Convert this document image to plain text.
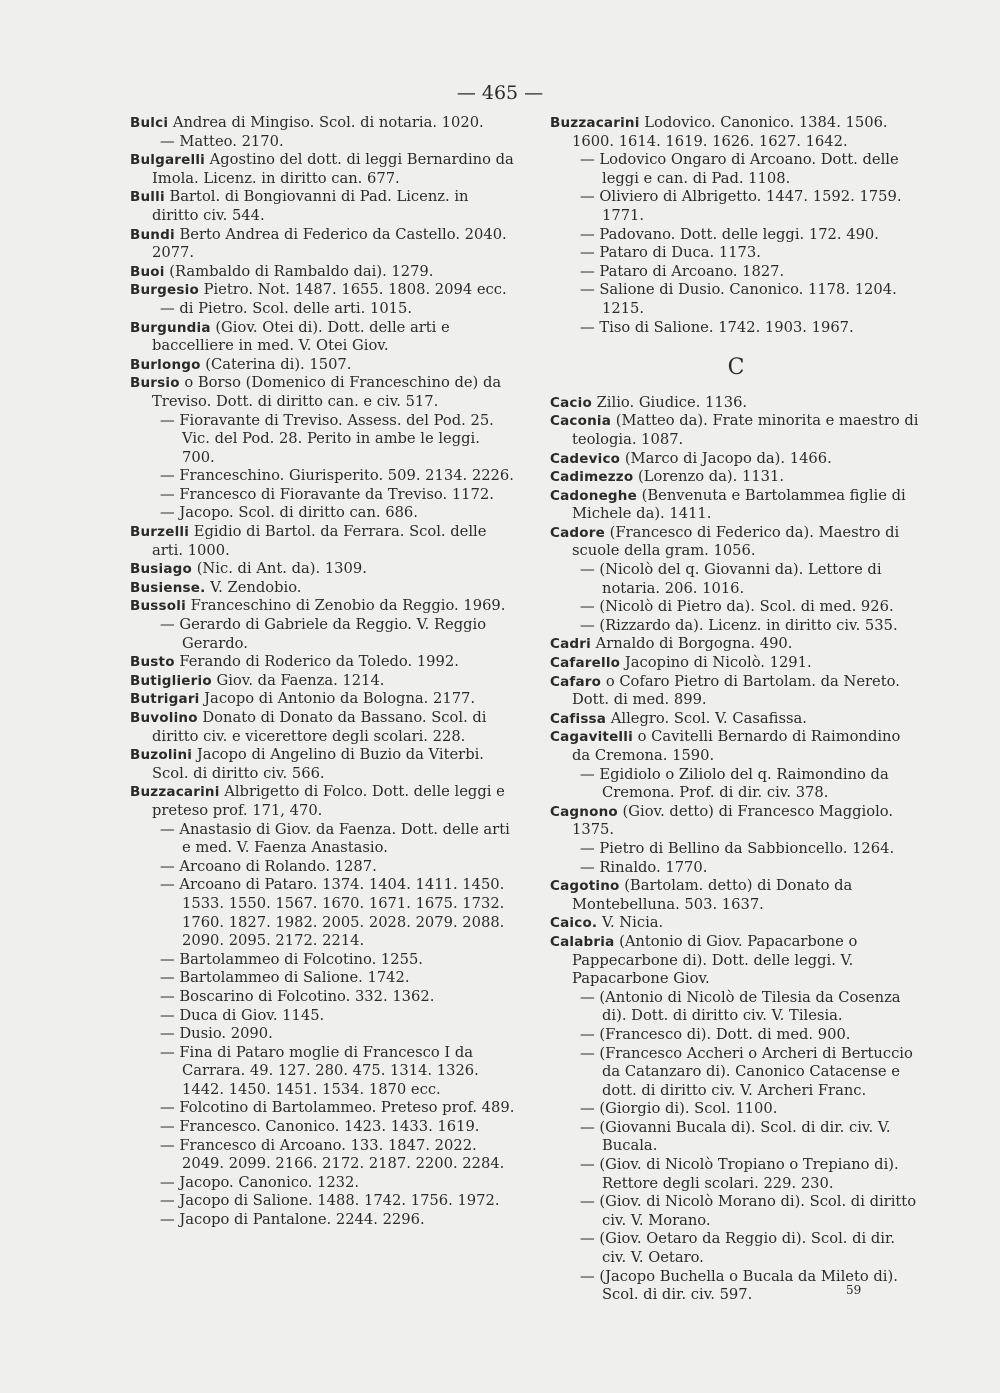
— 465 —

Bulci Andrea di Mingiso. Scol. di notaria. 1020.

— Matteo. 2170.

Bulgarelli Agostino del dott. di leggi Bernardino da Imola. Licenz. in diritto can. 677.

Bulli Bartol. di Bongiovanni di Pad. Licenz. in diritto civ. 544.

Bundi Berto Andrea di Federico da Castello. 2040. 2077.

Buoi (Rambaldo di Rambaldo dai). 1279.

Burgesio Pietro. Not. 1487. 1655. 1808. 2094 ecc.

— di Pietro. Scol. delle arti. 1015.

Burgundia (Giov. Otei di). Dott. delle arti e baccelliere in med. V. Otei Giov.

Burlongo (Caterina di). 1507.

Bursio o Borso (Domenico di Franceschino de) da Treviso. Dott. di diritto can. e civ. 517.

— Fioravante di Treviso. Assess. del Pod. 25. Vic. del Pod. 28. Perito in ambe le leggi. 700.

— Franceschino. Giurisperito. 509. 2134. 2226.

— Francesco di Fioravante da Treviso. 1172.

— Jacopo. Scol. di diritto can. 686.

Burzelli Egidio di Bartol. da Ferrara. Scol. delle arti. 1000.

Busiago (Nic. di Ant. da). 1309.

Busiense. V. Zendobio.

Bussoli Franceschino di Zenobio da Reggio. 1969.

— Gerardo di Gabriele da Reggio. V. Reggio Gerardo.

Busto Ferando di Roderico da Toledo. 1992.

Butiglierio Giov. da Faenza. 1214.

Butrigari Jacopo di Antonio da Bologna. 2177.

Buvolino Donato di Donato da Bassano. Scol. di diritto civ. e vicerettore degli scolari. 228.

Buzolini Jacopo di Angelino di Buzio da Viterbi. Scol. di diritto civ. 566.

Buzzacarini Albrigetto di Folco. Dott. delle leggi e preteso prof. 171, 470.

— Anastasio di Giov. da Faenza. Dott. delle arti e med. V. Faenza Anastasio.

— Arcoano di Rolando. 1287.

— Arcoano di Pataro. 1374. 1404. 1411. 1450. 1533. 1550. 1567. 1670. 1671. 1675. 1732. 1760. 1827. 1982. 2005. 2028. 2079. 2088. 2090. 2095. 2172. 2214.

— Bartolammeo di Folcotino. 1255.

— Bartolammeo di Salione. 1742.

— Boscarino di Folcotino. 332. 1362.

— Duca di Giov. 1145.

— Dusio. 2090.

— Fina di Pataro moglie di Francesco I da Carrara. 49. 127. 280. 475. 1314. 1326. 1442. 1450. 1451. 1534. 1870 ecc.

— Folcotino di Bartolammeo. Preteso prof. 489.

— Francesco. Canonico. 1423. 1433. 1619.

— Francesco di Arcoano. 133. 1847. 2022. 2049. 2099. 2166. 2172. 2187. 2200. 2284.

— Jacopo. Canonico. 1232.

— Jacopo di Salione. 1488. 1742. 1756. 1972.

— Jacopo di Pantalone. 2244. 2296.

Buzzacarini Lodovico. Canonico. 1384. 1506. 1600. 1614. 1619. 1626. 1627. 1642.

— Lodovico Ongaro di Arcoano. Dott. delle leggi e can. di Pad. 1108.

— Oliviero di Albrigetto. 1447. 1592. 1759. 1771.

— Padovano. Dott. delle leggi. 172. 490.

— Pataro di Duca. 1173.

— Pataro di Arcoano. 1827.

— Salione di Dusio. Canonico. 1178. 1204. 1215.

— Tiso di Salione. 1742. 1903. 1967.

C

Cacio Zilio. Giudice. 1136.

Caconia (Matteo da). Frate minorita e maestro di teologia. 1087.

Cadevico (Marco di Jacopo da). 1466.

Cadimezzo (Lorenzo da). 1131.

Cadoneghe (Benvenuta e Bartolammea figlie di Michele da). 1411.

Cadore (Francesco di Federico da). Maestro di scuole della gram. 1056.

— (Nicolò del q. Giovanni da). Lettore di notaria. 206. 1016.

— (Nicolò di Pietro da). Scol. di med. 926.

— (Rizzardo da). Licenz. in diritto civ. 535.

Cadri Arnaldo di Borgogna. 490.

Cafarello Jacopino di Nicolò. 1291.

Cafaro o Cofaro Pietro di Bartolam. da Nereto. Dott. di med. 899.

Cafissa Allegro. Scol. V. Casafissa.

Cagavitelli o Cavitelli Bernardo di Raimondino da Cremona. 1590.

— Egidiolo o Ziliolo del q. Raimondino da Cremona. Prof. di dir. civ. 378.

Cagnono (Giov. detto) di Francesco Maggiolo. 1375.

— Pietro di Bellino da Sabbioncello. 1264.

— Rinaldo. 1770.

Cagotino (Bartolam. detto) di Donato da Montebelluna. 503. 1637.

Caico. V. Nicia.

Calabria (Antonio di Giov. Papacarbone o Pappecarbone di). Dott. delle leggi. V. Papacarbone Giov.

— (Antonio di Nicolò de Tilesia da Cosenza di). Dott. di diritto civ. V. Tilesia.

— (Francesco di). Dott. di med. 900.

— (Francesco Accheri o Archeri di Bertuccio da Catanzaro di). Canonico Catacense e dott. di diritto civ. V. Archeri Franc.

— (Giorgio di). Scol. 1100.

— (Giovanni Bucala di). Scol. di dir. civ. V. Bucala.

— (Giov. di Nicolò Tropiano o Trepiano di). Rettore degli scolari. 229. 230.

— (Giov. di Nicolò Morano di). Scol. di diritto civ. V. Morano.

— (Giov. Oetaro da Reggio di). Scol. di dir. civ. V. Oetaro.

— (Jacopo Buchella o Bucala da Mileto di). Scol. di dir. civ. 597.	59
